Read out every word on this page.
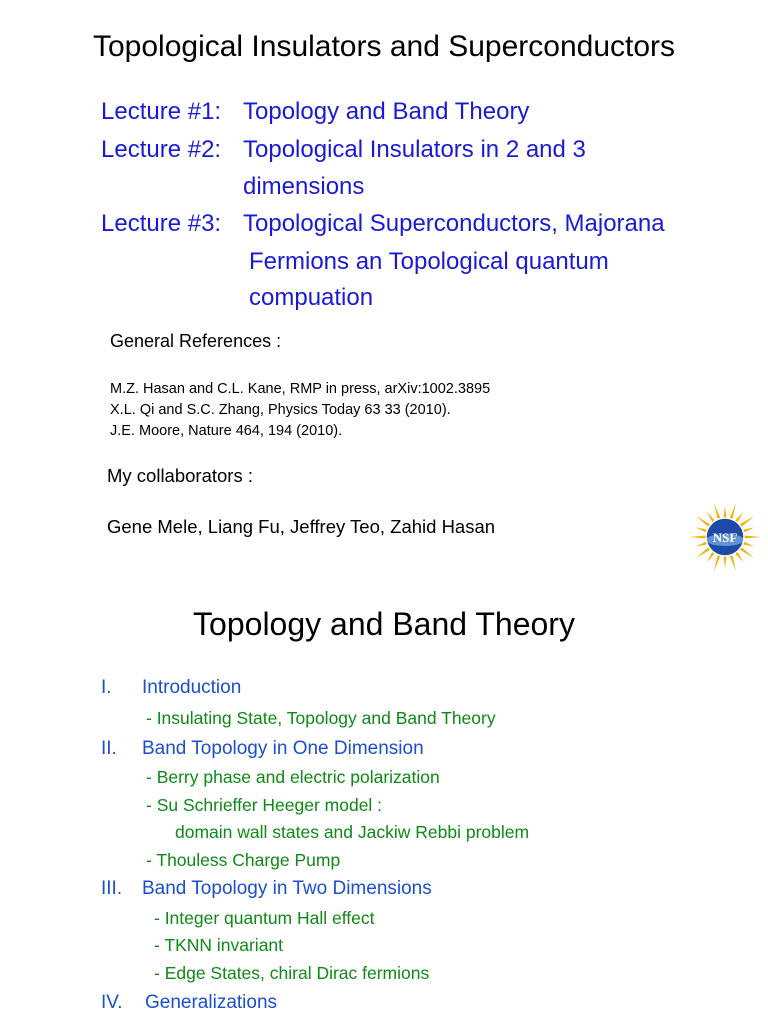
Topological Insulators and Superconductors
Lecture #1: Topology and Band Theory
Lecture #2: Topological Insulators in 2 and 3
dimensions
Lecture #3: Topological Superconductors, Majorana
Fermions an Topological quantum
compuation
General References :
M.Z. Hasan and C.L. Kane, RMP in press, arXiv:1002.3895
X.L. Qi and S.C. Zhang, Physics Today 63 33 (2010).
J.E. Moore, Nature 464, 194 (2010).
My collaborators :
Gene Mele, Liang Fu, Jeffrey Teo, Zahid Hasan
NSF
Topology and Band Theory
I. Introduction
- Insulating State, Topology and Band Theory
II. Band Topology in One Dimension
- Berry phase and electric polarization
- Su Schrieffer Heeger model :
domain wall states and Jackiw Rebbi problem
- Thouless Charge Pump
III. Band Topology in Two Dimensions
- Integer quantum Hall effect
- TKNN invariant
- Edge States, chiral Dirac fermions
IV. Generalizations
